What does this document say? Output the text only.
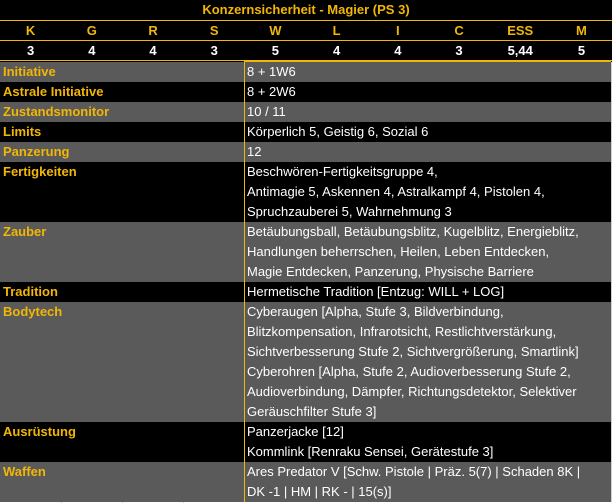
Konzernsicherheit - Magier (PS 3)
K	G	R	S	W	L	I	C	ESS	M
3	4	4	3	5	4	4	3	5,44	5
Initiative	8 + 1W6
Astrale Initiative	8 + 2W6
Zustandsmonitor	10 / 11
Limits	Körperlich 5, Geistig 6, Sozial 6
Panzerung	12
Fertigkeiten	Beschwören-Fertigkeitsgruppe 4,
Antimagie 5, Askennen 4, Astralkampf 4, Pistolen 4,
Spruchzauberei 5, Wahrnehmung 3
Zauber	Betäubungsball, Betäubungsblitz, Kugelblitz, Energieblitz,
Handlungen beherrschen, Heilen, Leben Entdecken,
Magie Entdecken, Panzerung, Physische Barriere
Tradition	Hermetische Tradition [Entzug: WILL + LOG]
Bodytech	Cyberaugen [Alpha, Stufe 3, Bildverbindung,
Blitzkompensation, Infrarotsicht, Restlichtverstärkung,
Sichtverbesserung Stufe 2, Sichtvergrößerung, Smartlink]
Cyberohren [Alpha, Stufe 2, Audioverbesserung Stufe 2,
Audioverbindung, Dämpfer, Richtungsdetektor, Selektiver
Geräuschfilter Stufe 3]
Ausrüstung	Panzerjacke [12]
Kommlink [Renraku Sensei, Gerätestufe 3]
Waffen	Ares Predator V [Schw. Pistole | Präz. 5(7) | Schaden 8K |
DK -1 | HM | RK - | 15(s)]
